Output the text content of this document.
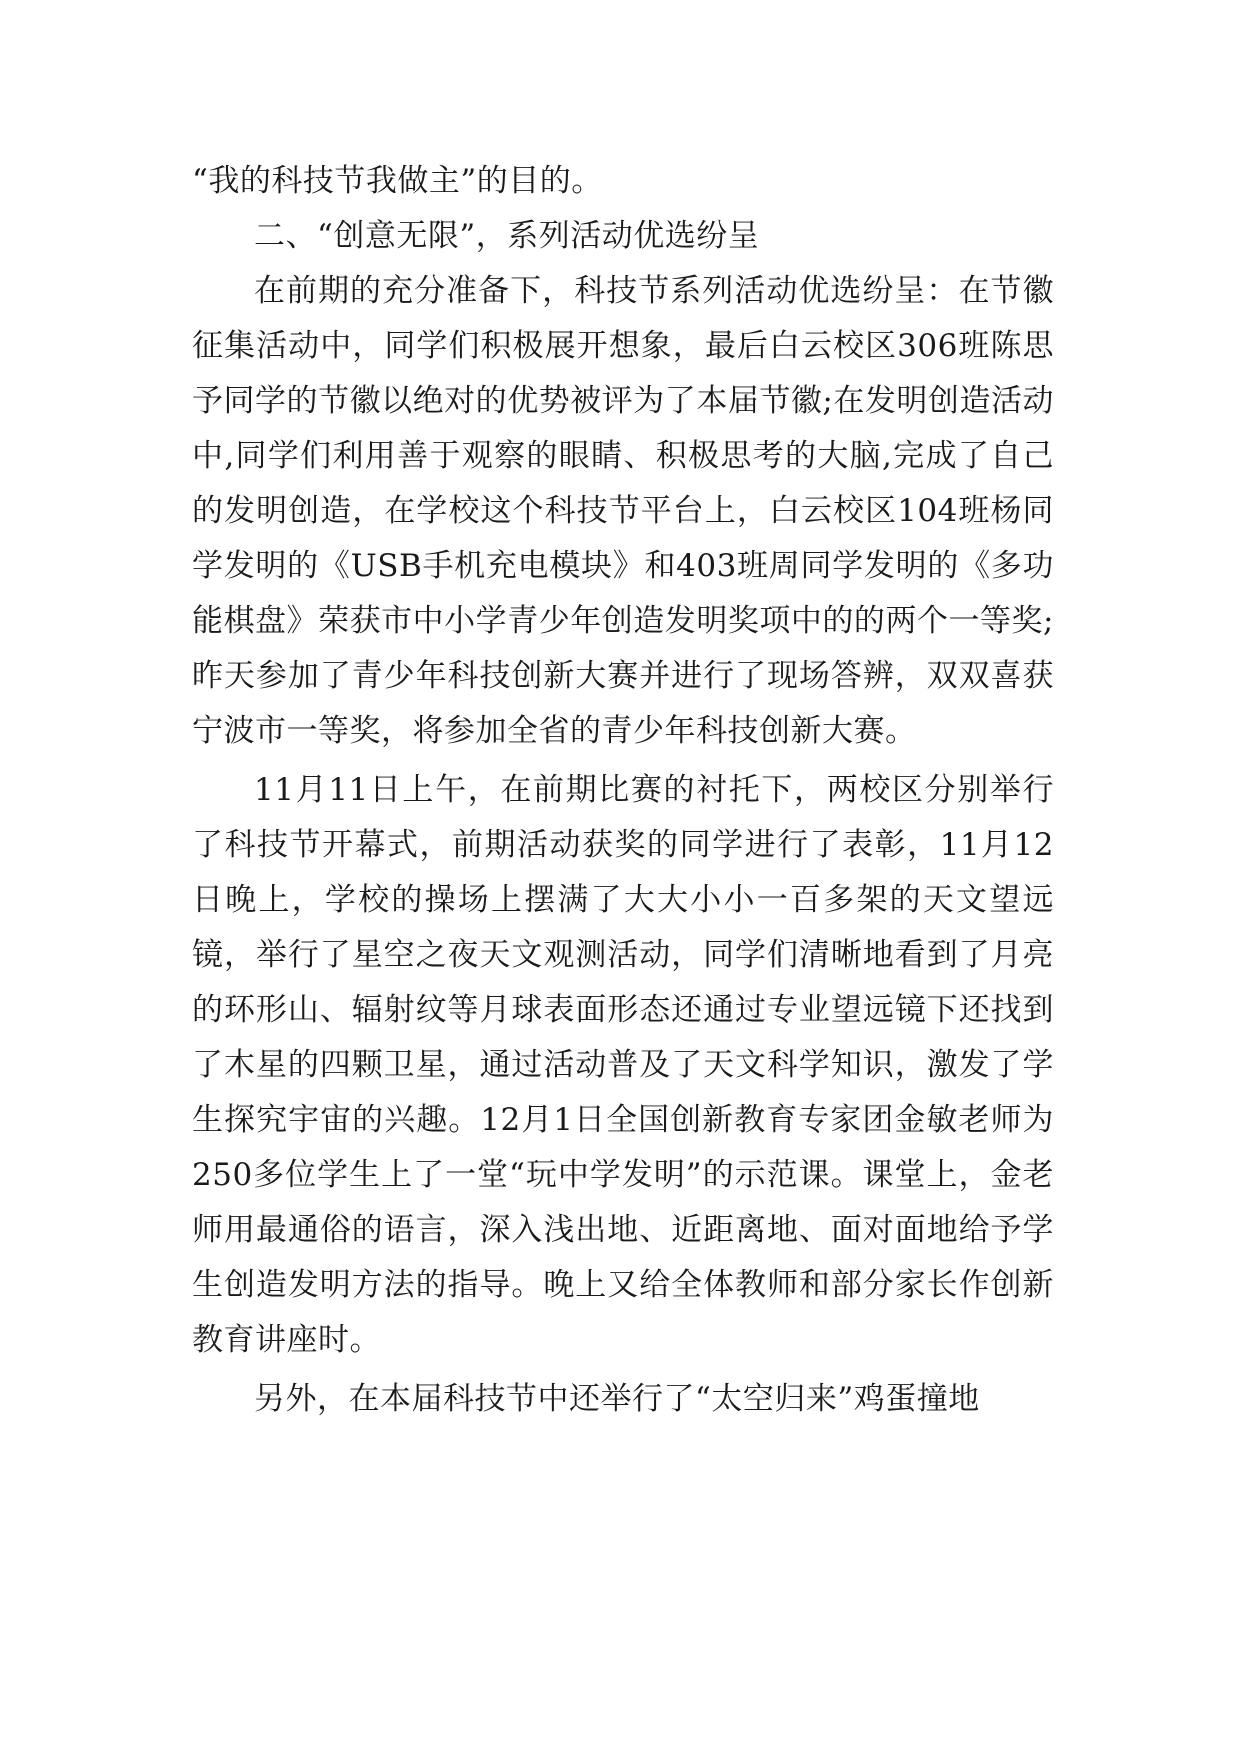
“我的科技节我做主”的目的。

二、“创意无限”，系列活动优选纷呈

在前期的充分准备下，科技节系列活动优选纷呈：在节徽征集活动中，同学们积极展开想象，最后白云校区306班陈思予同学的节徽以绝对的优势被评为了本届节徽;在发明创造活动中,同学们利用善于观察的眼睛、积极思考的大脑,完成了自己的发明创造，在学校这个科技节平台上，白云校区104班杨同学发明的《USB手机充电模块》和403班周同学发明的《多功能棋盘》荣获市中小学青少年创造发明奖项中的的两个一等奖;昨天参加了青少年科技创新大赛并进行了现场答辨，双双喜获宁波市一等奖，将参加全省的青少年科技创新大赛。

11月11日上午，在前期比赛的衬托下，两校区分别举行了科技节开幕式，前期活动获奖的同学进行了表彰，11月12日晚上，学校的操场上摆满了大大小小一百多架的天文望远镜，举行了星空之夜天文观测活动，同学们清晰地看到了月亮的环形山、辐射纹等月球表面形态还通过专业望远镜下还找到了木星的四颗卫星，通过活动普及了天文科学知识，激发了学生探究宇宙的兴趣。12月1日全国创新教育专家团金敏老师为250多位学生上了一堂“玩中学发明”的示范课。课堂上，金老师用最通俗的语言，深入浅出地、近距离地、面对面地给予学生创造发明方法的指导。晚上又给全体教师和部分家长作创新教育讲座时。

另外，在本届科技节中还举行了“太空归来”鸡蛋撞地
